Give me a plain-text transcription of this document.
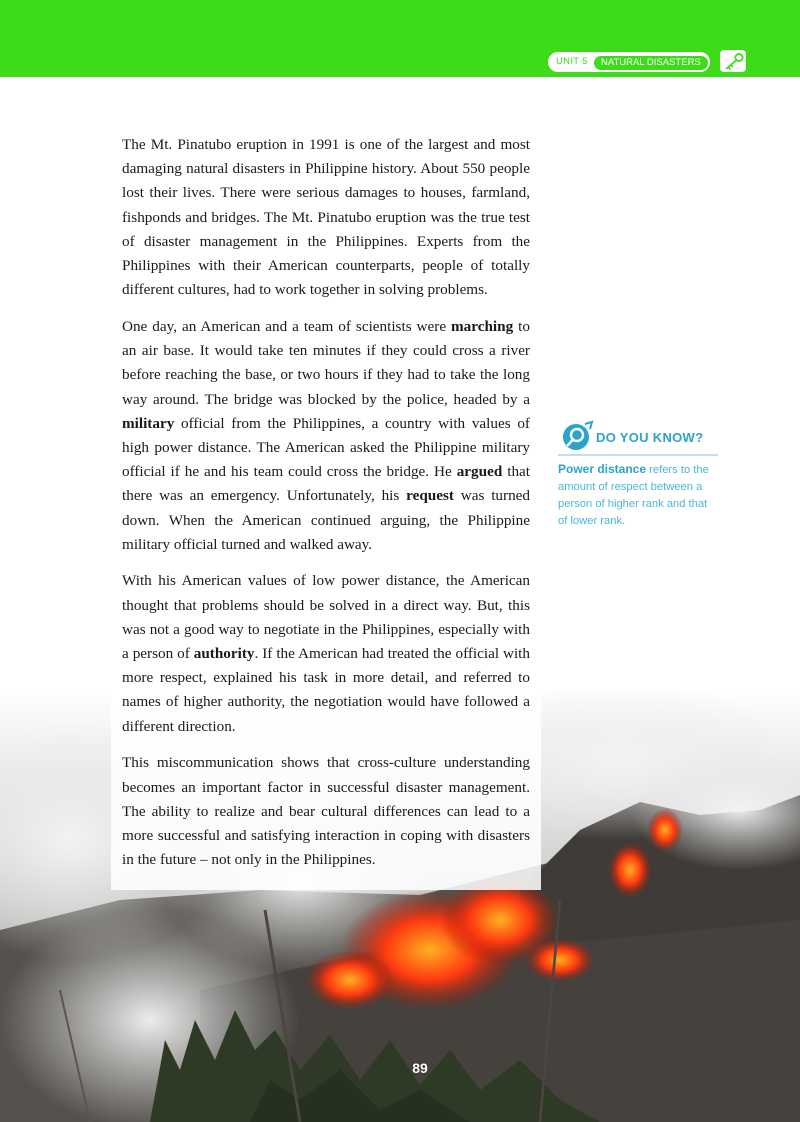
UNIT 5	NATURAL DISASTERS

The Mt. Pinatubo eruption in 1991 is one of the largest and most damaging natural disasters in Philippine history. About 550 people lost their lives. There were serious damages to houses, farmland, fishponds and bridges. The Mt. Pinatubo eruption was the true test of disaster management in the Philippines. Experts from the Philippines with their American counterparts, people of totally different cultures, had to work together in solving problems.

One day, an American and a team of scientists were marching to an air base. It would take ten minutes if they could cross a river before reaching the base, or two hours if they had to take the long way around. The bridge was blocked by the police, headed by a military official from the Philippines, a country with values of high power distance. The American asked the Philippine military official if he and his team could cross the bridge. He argued that there was an emergency. Unfortunately, his request was turned down. When the American continued arguing, the Philippine military official turned and walked away.

With his American values of low power distance, the American thought that problems should be solved in a direct way. But, this was not a good way to negotiate in the Philippines, especially with a person of authority. If the American had treated the official with more respect, explained his task in more detail, and referred to names of higher authority, the negotiation would have followed a different direction.

This miscommunication shows that cross-culture understanding becomes an important factor in successful disaster management. The ability to realize and bear cultural differences can lead to a more successful and satisfying interaction in coping with disasters in the future – not only in the Philippines.

DO YOU KNOW?
Power distance refers to the amount of respect between a person of higher rank and that of lower rank.
89
